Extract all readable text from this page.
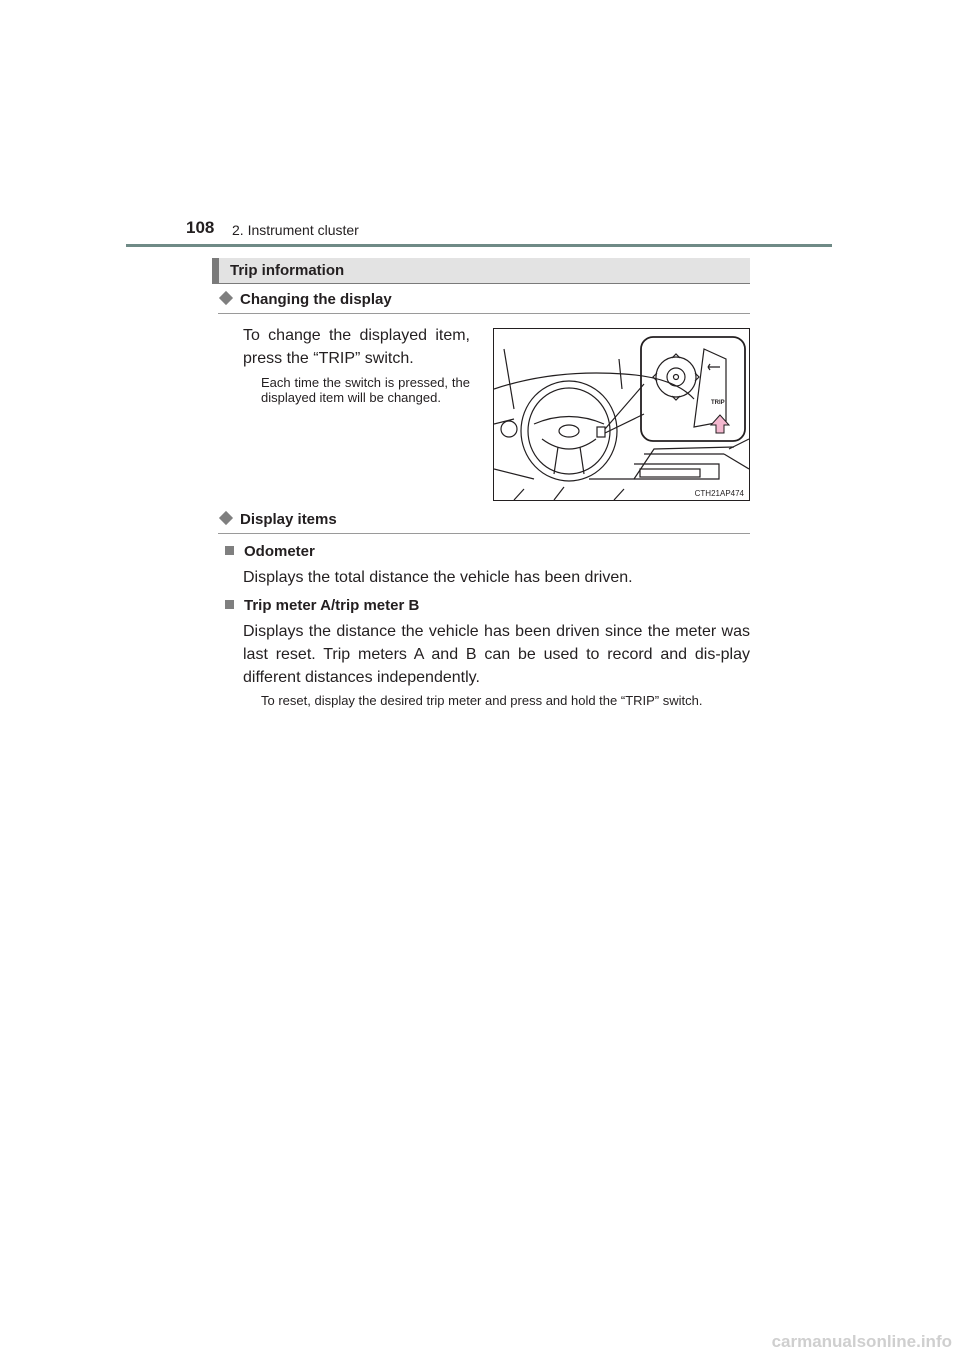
108 2. Instrument cluster
Trip information
Changing the display
To change the displayed item, press the “TRIP” switch.
Each time the switch is pressed, the displayed item will be changed.	TRIP
CTH21AP474
Display items
Odometer
Displays the total distance the vehicle has been driven.
Trip meter A/trip meter B
Displays the distance the vehicle has been driven since the meter was last reset. Trip meters A and B can be used to record and dis-play different distances independently.
To reset, display the desired trip meter and press and hold the “TRIP” switch.
carmanualsonline.info
